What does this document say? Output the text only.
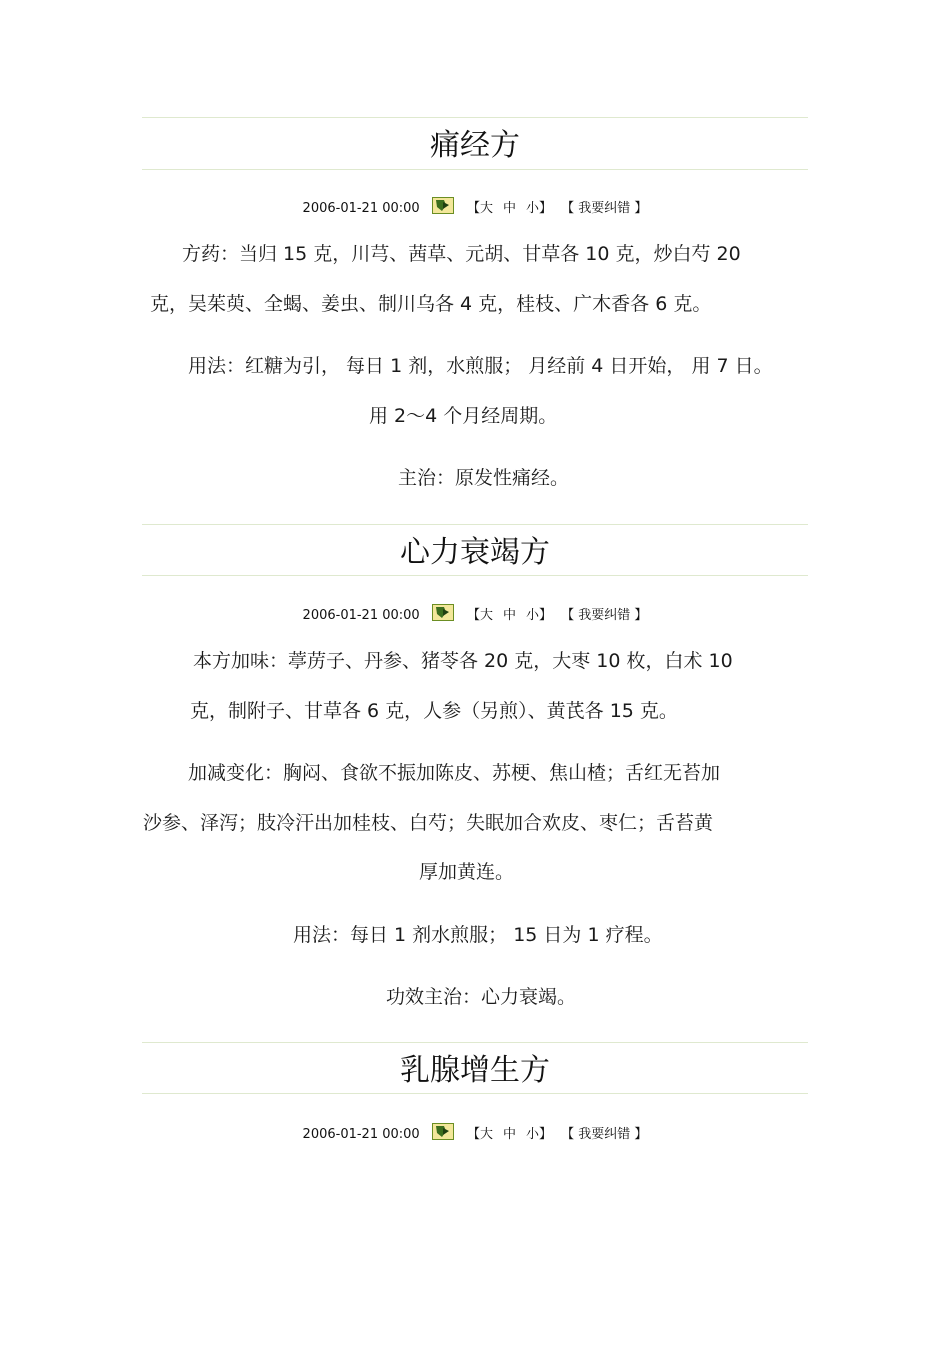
痛经方
2006-01-21 00:00	【大 中 小】 【 我要纠错 】
方药：当归 15 克，川芎、茜草、元胡、甘草各 10 克，炒白芍 20
克，吴茱萸、全蝎、姜虫、制川乌各 4 克，桂枝、广木香各 6 克。
用法：红糖为引， 每日 1 剂，水煎服； 月经前 4 日开始， 用 7 日。
用 2～4 个月经周期。
主治：原发性痛经。
心力衰竭方
2006-01-21 00:00	【大 中 小】 【 我要纠错 】
本方加味：葶苈子、丹参、猪苓各 20 克，大枣 10 枚，白术 10
克，制附子、甘草各 6 克，人参（另煎）、黄芪各 15 克。
加减变化：胸闷、食欲不振加陈皮、苏梗、焦山楂；舌红无苔加
沙参、泽泻；肢冷汗出加桂枝、白芍；失眠加合欢皮、枣仁；舌苔黄
厚加黄连。
用法：每日 1 剂水煎服； 15 日为 1 疗程。
功效主治：心力衰竭。
乳腺增生方
2006-01-21 00:00	【大 中 小】 【 我要纠错 】
